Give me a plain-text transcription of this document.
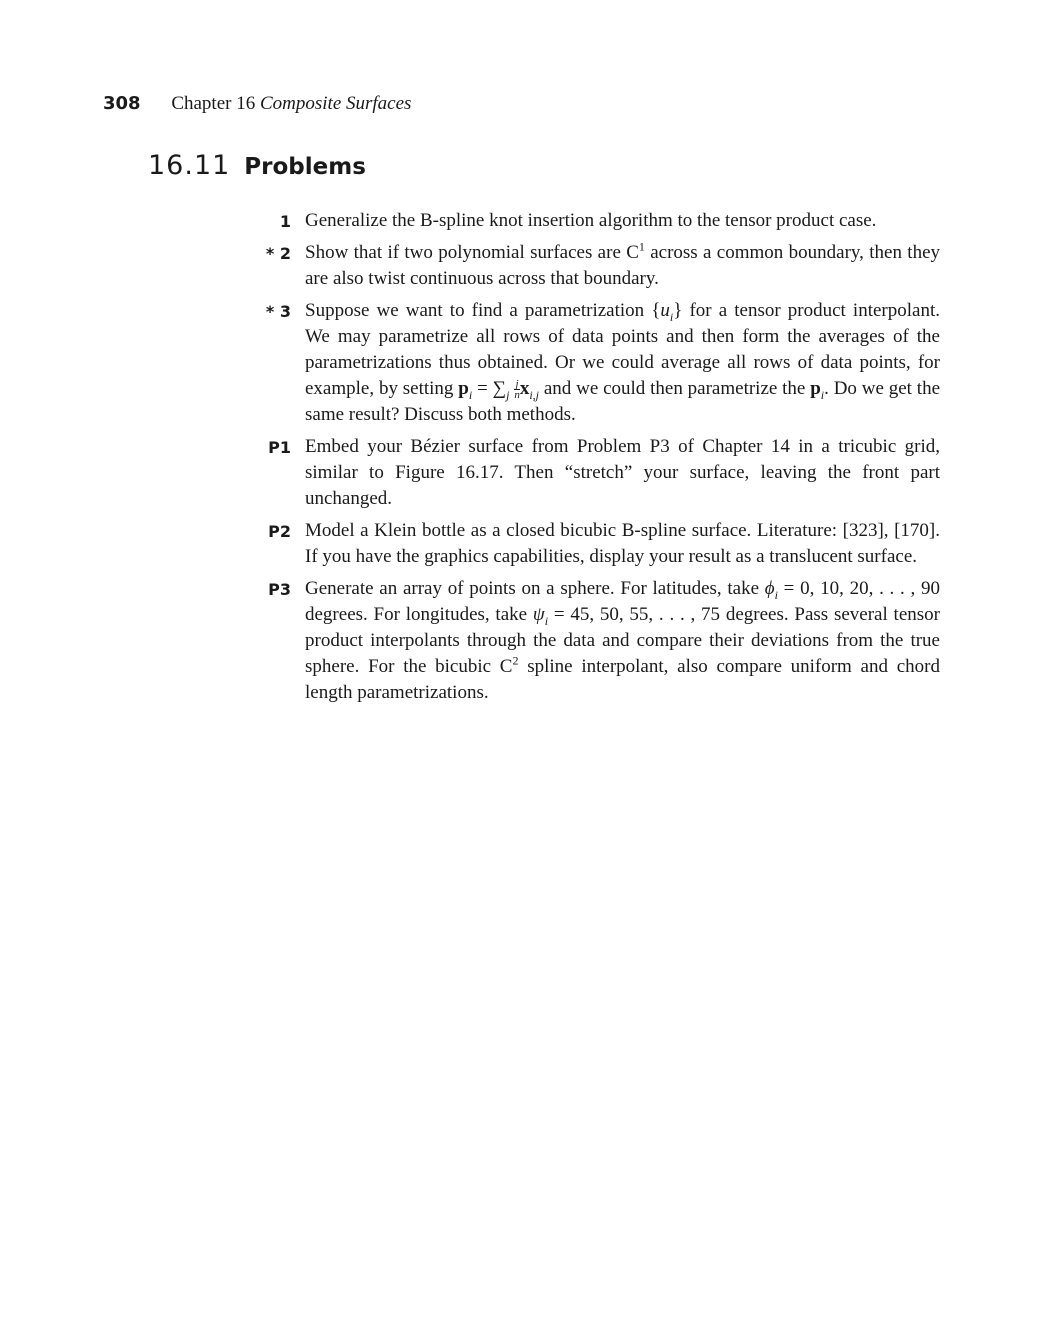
308 Chapter 16 Composite Surfaces
16.11 Problems
1 Generalize the B-spline knot insertion algorithm to the tensor product case.
* 2 Show that if two polynomial surfaces are $C^1$ across a common boundary, then they are also twist continuous across that boundary.
* 3 Suppose we want to find a parametrization $\{u_i\}$ for a tensor product interpolant. We may parametrize all rows of data points and then form the averages of the parametrizations thus obtained. Or we could average all rows of data points, for example, by setting $p_i = \sum_j \frac{j}{n} x_{i,j}$ and we could then parametrize the $p_i$. Do we get the same result? Discuss both methods.
P1 Embed your Bézier surface from Problem P3 of Chapter 14 in a tricubic grid, similar to Figure 16.17. Then “stretch” your surface, leaving the front part unchanged.
P2 Model a Klein bottle as a closed bicubic B-spline surface. Literature: [323], [170]. If you have the graphics capabilities, display your result as a translucent surface.
P3 Generate an array of points on a sphere. For latitudes, take $\phi_i = 0$, 10, 20, . . . , 90 degrees. For longitudes, take $\psi_i = 45$, 50, 55, . . . , 75 degrees. Pass several tensor product interpolants through the data and compare their deviations from the true sphere. For the bicubic $C^2$ spline interpolant, also compare uniform and chord length parametrizations.
